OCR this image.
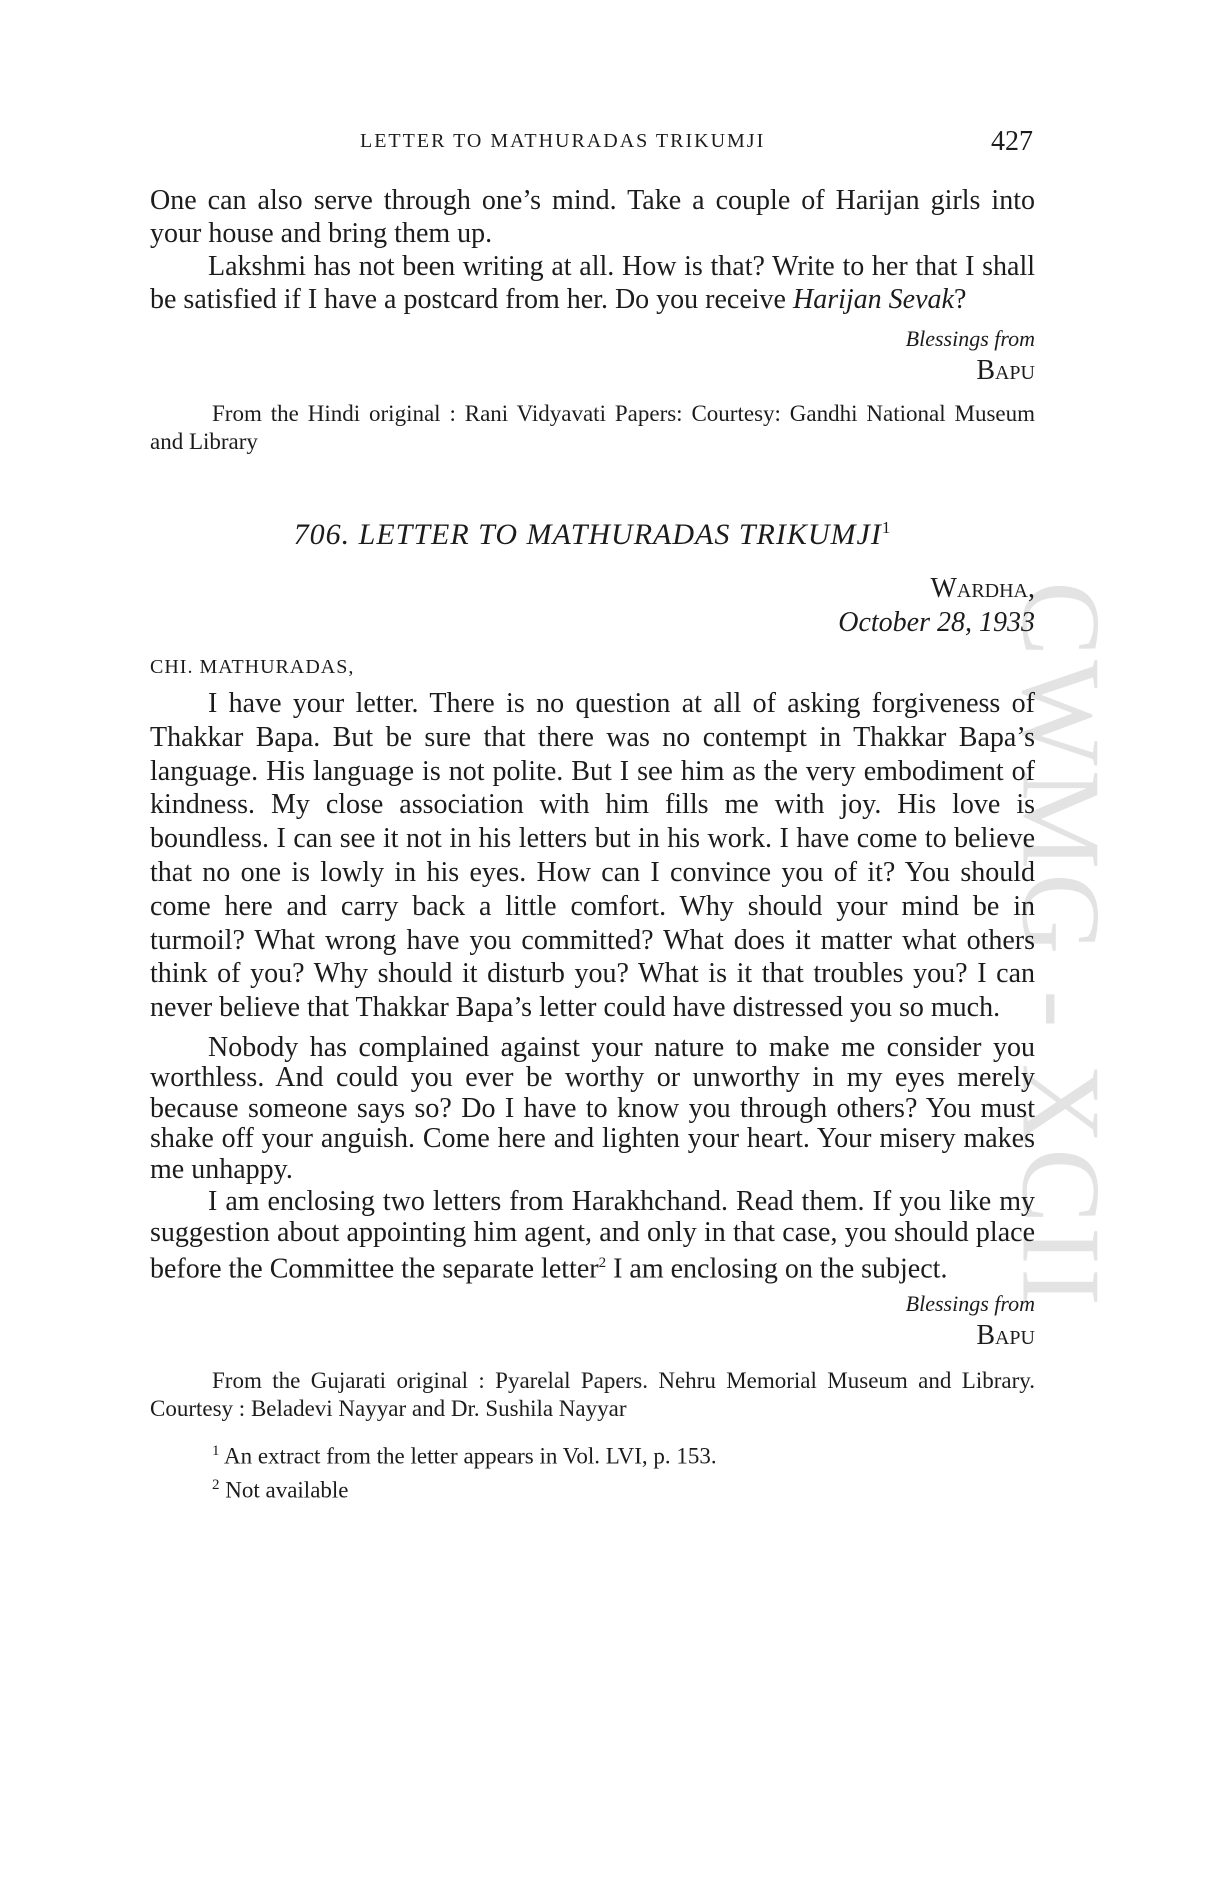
CWMG - XCII
LETTER TO MATHURADAS TRIKUMJI	427

One can also serve through one’s mind. Take a couple of Harijan girls into your house and bring them up.

Lakshmi has not been writing at all. How is that? Write to her that I shall be satisfied if I have a postcard from her. Do you receive Harijan Sevak?

Blessings from
Bapu

From the Hindi original : Rani Vidyavati Papers: Courtesy: Gandhi National Museum and Library

706. LETTER TO MATHURADAS TRIKUMJI$^1$
Wardha,
October 28, 1933
CHI. MATHURADAS,

I have your letter. There is no question at all of asking forgiveness of Thakkar Bapa. But be sure that there was no contempt in Thakkar Bapa’s language. His language is not polite. But I see him as the very embodiment of kindness. My close association with him fills me with joy. His love is boundless. I can see it not in his letters but in his work. I have come to believe that no one is lowly in his eyes. How can I convince you of it? You should come here and carry back a little comfort. Why should your mind be in turmoil? What wrong have you committed? What does it matter what others think of you? Why should it disturb you? What is it that troubles you? I can never believe that Thakkar Bapa’s letter could have distressed you so much.

Nobody has complained against your nature to make me consider you worthless. And could you ever be worthy or unworthy in my eyes merely because someone says so? Do I have to know you through others? You must shake off your anguish. Come here and lighten your heart. Your misery makes me unhappy.

I am enclosing two letters from Harakhchand. Read them. If you like my suggestion about appointing him agent, and only in that case, you should place before the Committee the separate letter$^2$ I am enclosing on the subject.

Blessings from
Bapu

From the Gujarati original : Pyarelal Papers. Nehru Memorial Museum and Library. Courtesy : Beladevi Nayyar and Dr. Sushila Nayyar

$^1$ An extract from the letter appears in Vol. LVI, p. 153.
$^2$ Not available
